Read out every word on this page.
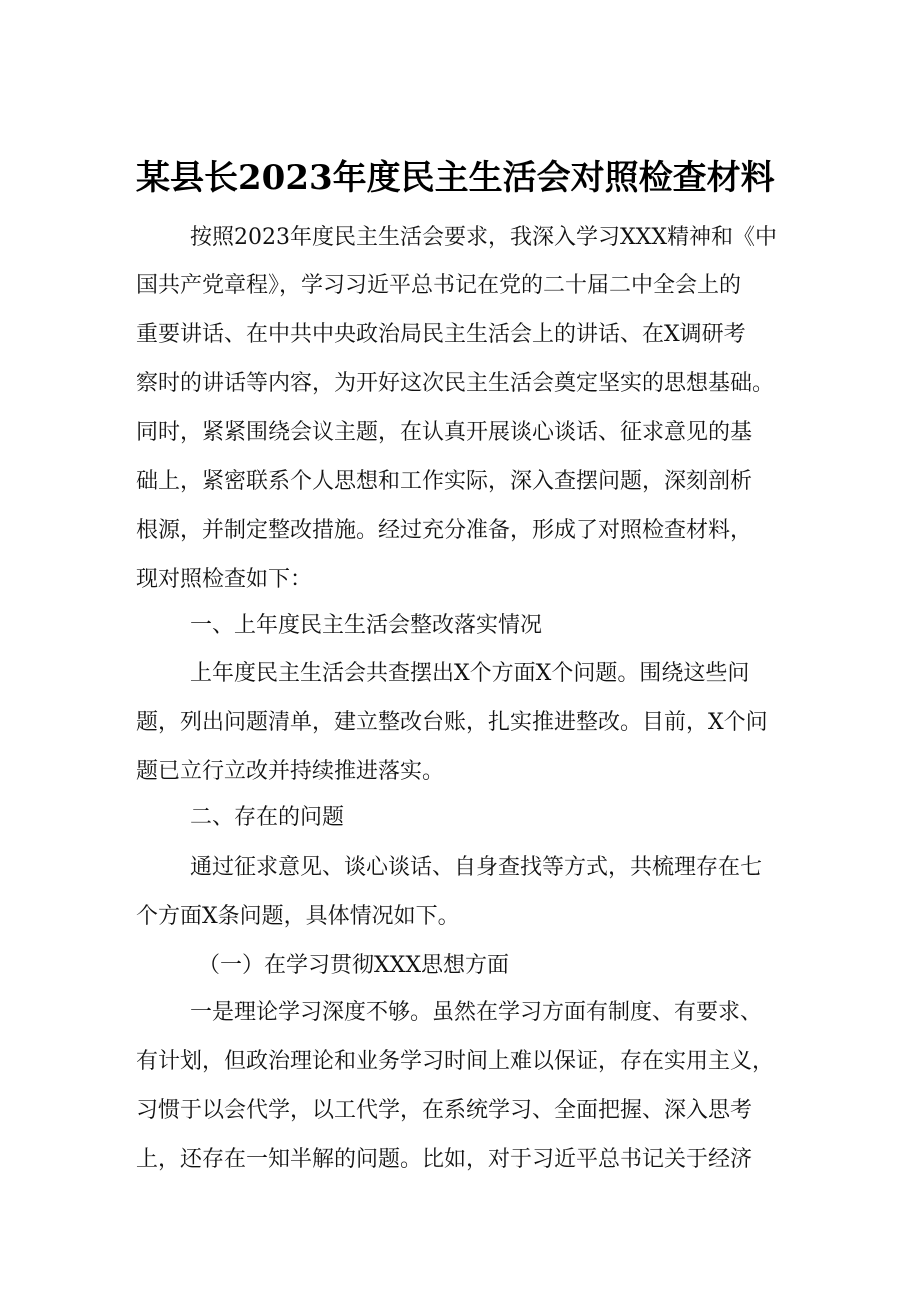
某县长2023年度民主生活会对照检查材料

按照2023年度民主生活会要求，我深入学习XXX精神和《中

国共产党章程》，学习习近平总书记在党的二十届二中全会上的

重要讲话、在中共中央政治局民主生活会上的讲话、在X调研考

察时的讲话等内容，为开好这次民主生活会奠定坚实的思想基础。

同时，紧紧围绕会议主题，在认真开展谈心谈话、征求意见的基

础上，紧密联系个人思想和工作实际，深入查摆问题，深刻剖析

根源，并制定整改措施。经过充分准备，形成了对照检查材料，

现对照检查如下：

一、上年度民主生活会整改落实情况

上年度民主生活会共查摆出X个方面X个问题。围绕这些问

题，列出问题清单，建立整改台账，扎实推进整改。目前，X个问

题已立行立改并持续推进落实。

二、存在的问题

通过征求意见、谈心谈话、自身查找等方式，共梳理存在七

个方面X条问题，具体情况如下。

（一）在学习贯彻XXX思想方面

一是理论学习深度不够。虽然在学习方面有制度、有要求、

有计划，但政治理论和业务学习时间上难以保证，存在实用主义，

习惯于以会代学，以工代学，在系统学习、全面把握、深入思考

上，还存在一知半解的问题。比如，对于习近平总书记关于经济
